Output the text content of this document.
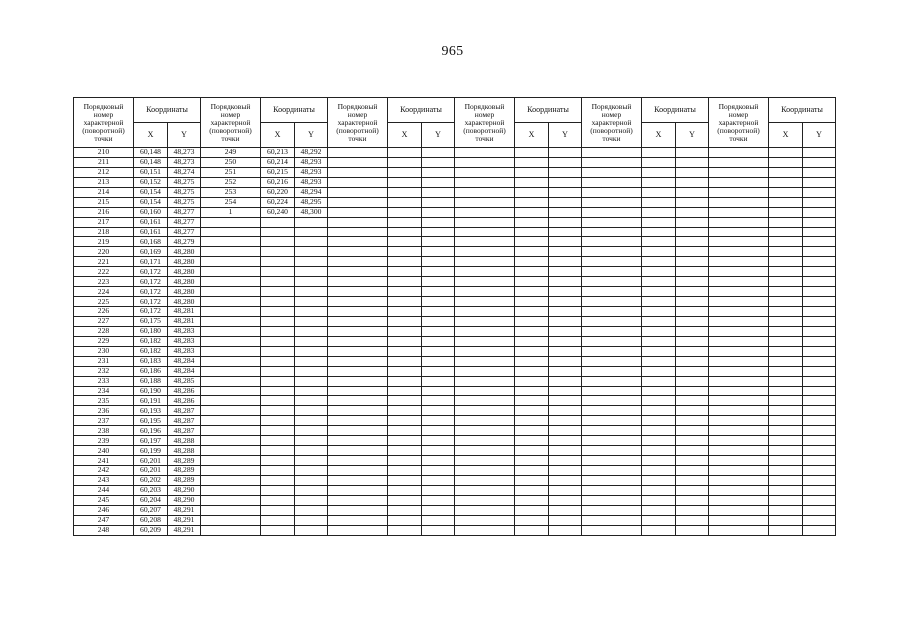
965
Порядковый номер характерной (поворотной) точки	Координаты		Порядковый номер характерной (поворотной) точки	Координаты		Порядковый номер характерной (поворотной) точки	Координаты		Порядковый номер характерной (поворотной) точки	Координаты		Порядковый номер характерной (поворотной) точки	Координаты		Порядковый номер характерной (поворотной) точки	Координаты	
	X	Y		X	Y		X	Y		X	Y		X	Y		X	Y
210	60,148	48,273	249	60,213	48,292												
211	60,148	48,273	250	60,214	48,293												
212	60,151	48,274	251	60,215	48,293												
213	60,152	48,275	252	60,216	48,293												
214	60,154	48,275	253	60,220	48,294												
215	60,154	48,275	254	60,224	48,295												
216	60,160	48,277	1	60,240	48,300												
217	60,161	48,277															
218	60,161	48,277															
219	60,168	48,279															
220	60,169	48,280															
221	60,171	48,280															
222	60,172	48,280															
223	60,172	48,280															
224	60,172	48,280															
225	60,172	48,280															
226	60,172	48,281															
227	60,175	48,281															
228	60,180	48,283															
229	60,182	48,283															
230	60,182	48,283															
231	60,183	48,284															
232	60,186	48,284															
233	60,188	48,285															
234	60,190	48,286															
235	60,191	48,286															
236	60,193	48,287															
237	60,195	48,287															
238	60,196	48,287															
239	60,197	48,288															
240	60,199	48,288															
241	60,201	48,289															
242	60,201	48,289															
243	60,202	48,289															
244	60,203	48,290															
245	60,204	48,290															
246	60,207	48,291															
247	60,208	48,291															
248	60,209	48,291															
